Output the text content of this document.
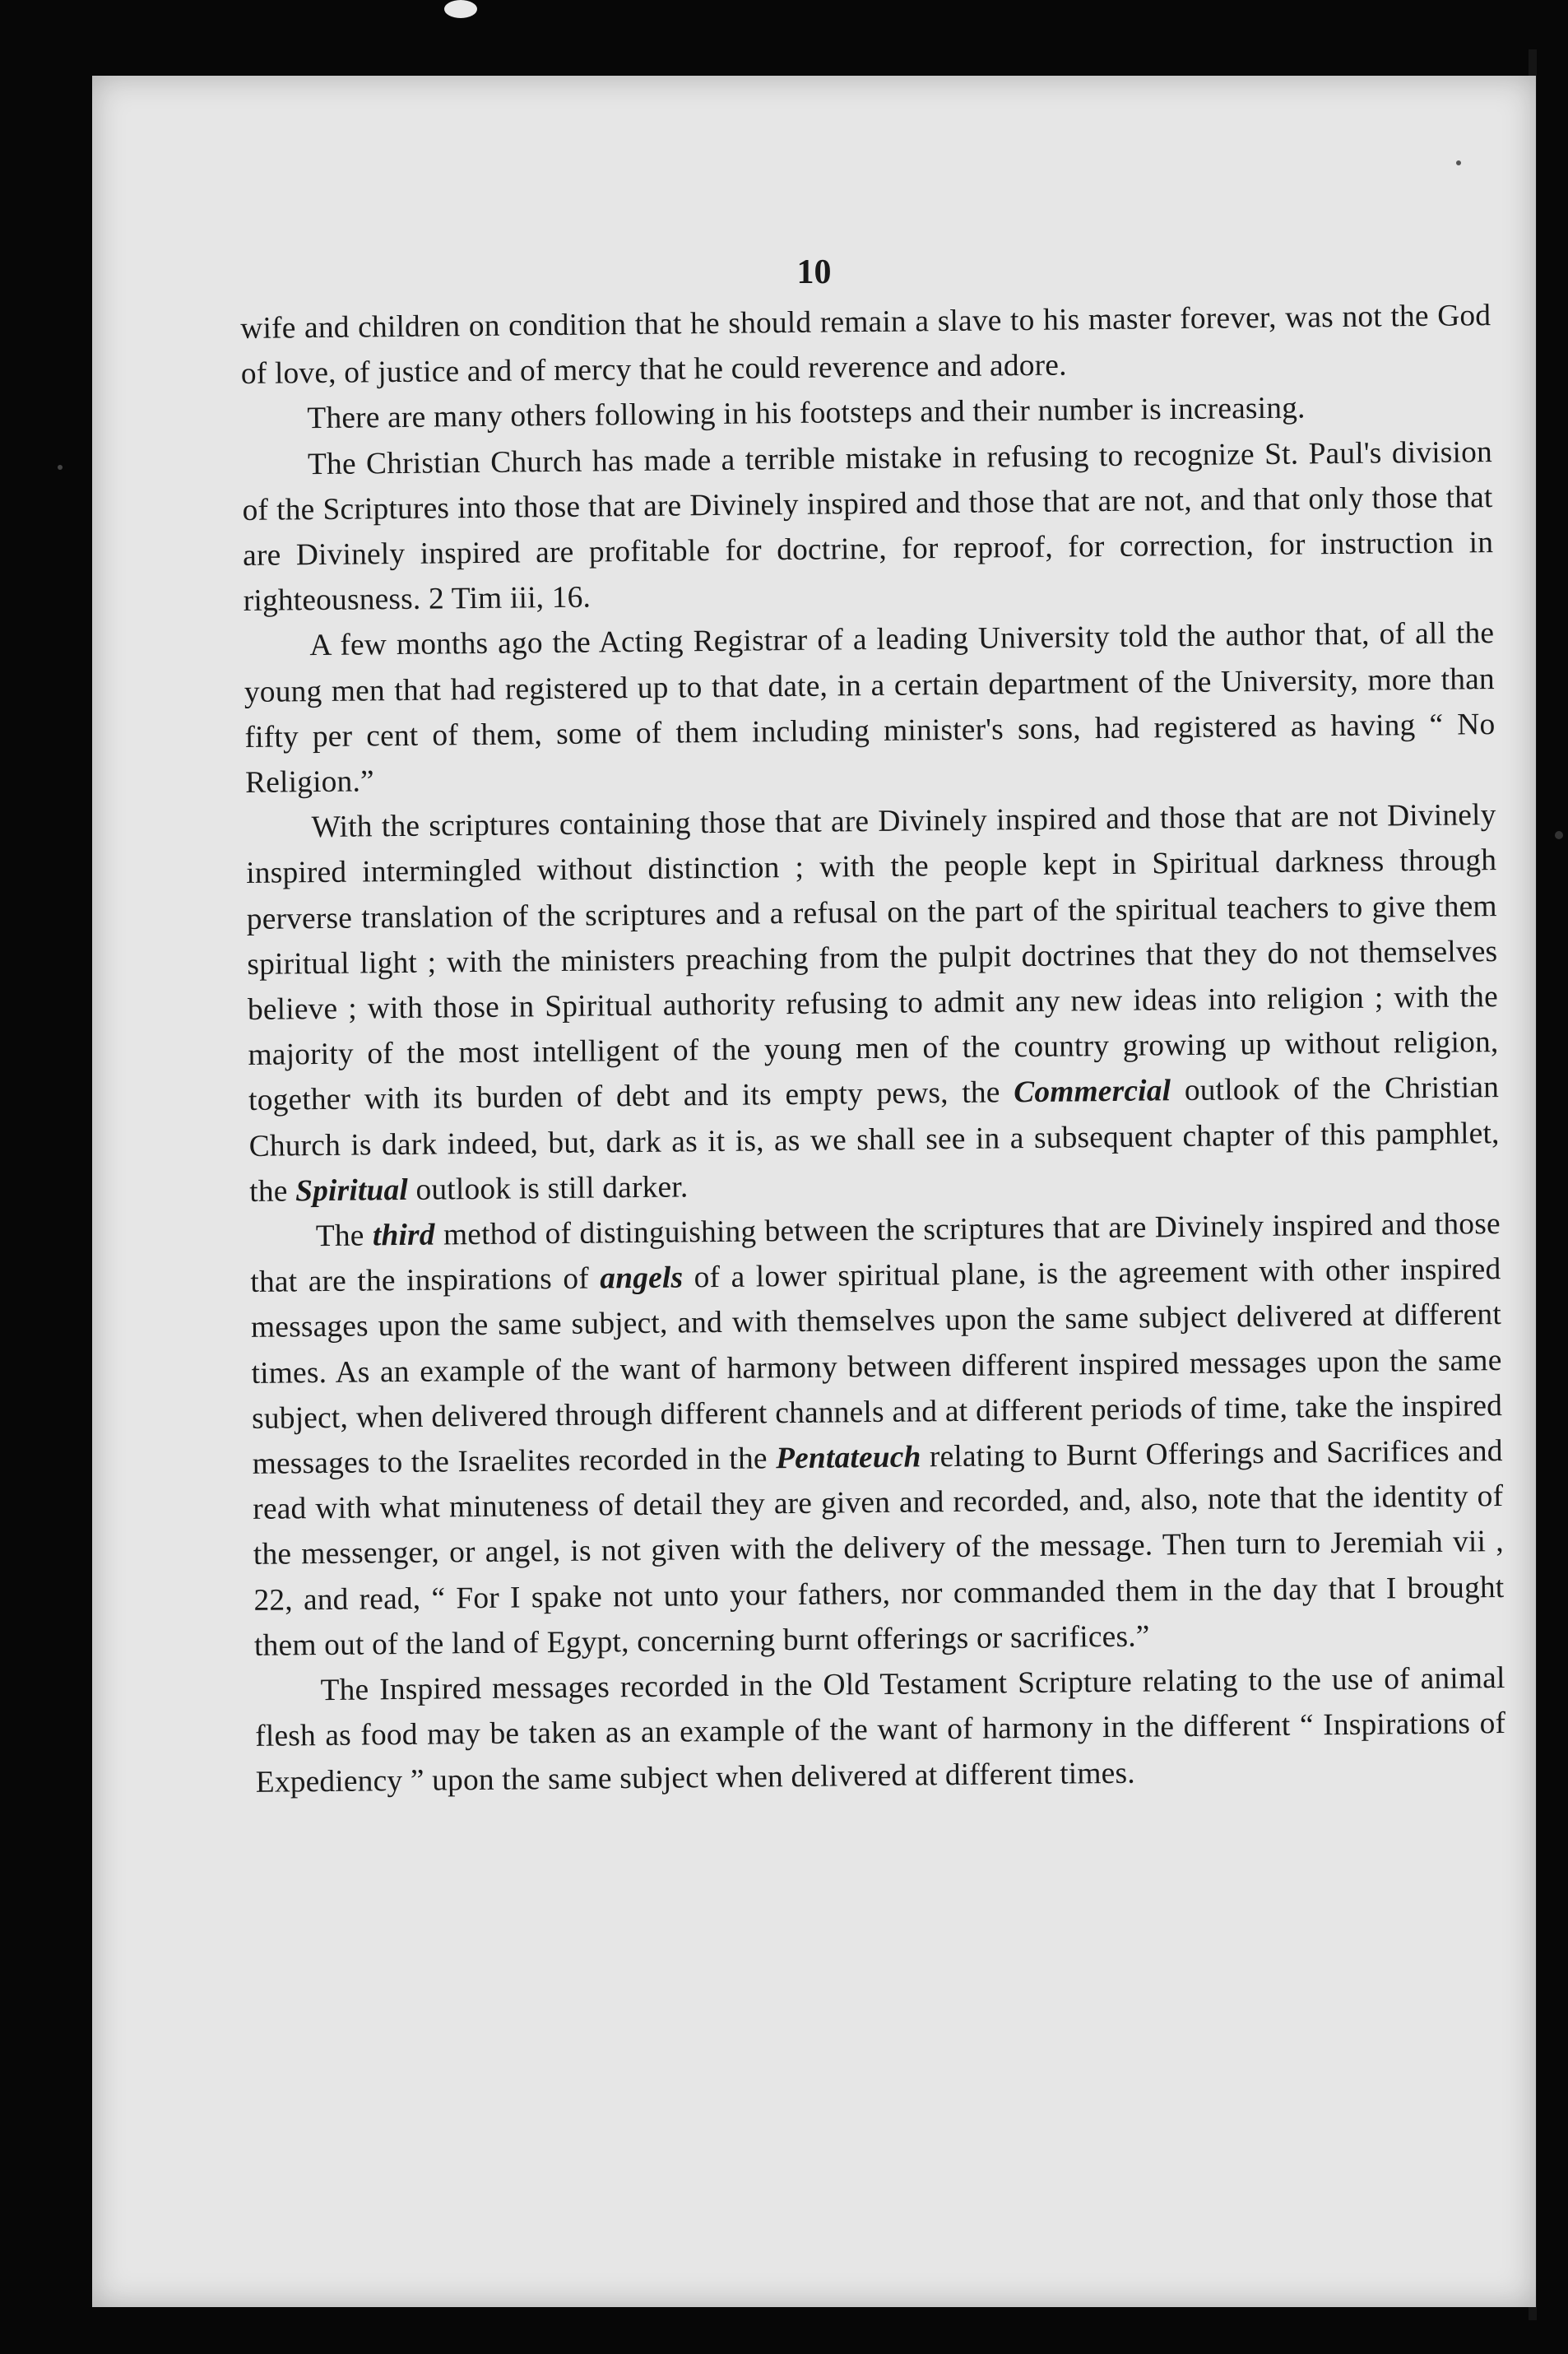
10

wife and children on condition that he should remain a slave to his master forever, was not the God of love, of justice and of mercy that he could reverence and adore.

There are many others following in his footsteps and their number is increasing.

The Christian Church has made a terrible mistake in refusing to recognize St. Paul's division of the Scriptures into those that are Divinely inspired and those that are not, and that only those that are Divinely inspired are profitable for doctrine, for reproof, for correction, for instruction in righteousness. 2 Tim iii, 16.

A few months ago the Acting Registrar of a leading University told the author that, of all the young men that had registered up to that date, in a certain department of the University, more than fifty per cent of them, some of them including minister's sons, had registered as having “ No Religion.”

With the scriptures containing those that are Divinely inspired and those that are not Divinely inspired intermingled without distinction ; with the people kept in Spiritual darkness through perverse translation of the scriptures and a refusal on the part of the spiritual teachers to give them spiritual light ; with the ministers preaching from the pulpit doctrines that they do not themselves believe ; with those in Spiritual authority refusing to admit any new ideas into religion ; with the majority of the most intelligent of the young men of the country growing up without religion, together with its burden of debt and its empty pews, the Commercial outlook of the Christian Church is dark indeed, but, dark as it is, as we shall see in a subsequent chapter of this pamphlet, the Spiritual outlook is still darker.

The third method of distinguishing between the scriptures that are Divinely inspired and those that are the inspirations of angels of a lower spiritual plane, is the agreement with other inspired messages upon the same subject, and with themselves upon the same subject delivered at different times. As an example of the want of harmony between different inspired messages upon the same subject, when delivered through different channels and at different periods of time, take the inspired messages to the Israelites recorded in the Pentateuch relating to Burnt Offerings and Sacrifices and read with what minuteness of detail they are given and recorded, and, also, note that the identity of the messenger, or angel, is not given with the delivery of the message. Then turn to Jeremiah vii , 22, and read, “ For I spake not unto your fathers, nor commanded them in the day that I brought them out of the land of Egypt, concerning burnt offerings or sacrifices.”

The Inspired messages recorded in the Old Testament Scripture relating to the use of animal flesh as food may be taken as an example of the want of harmony in the different “ Inspirations of Expediency ” upon the same subject when delivered at different times.
